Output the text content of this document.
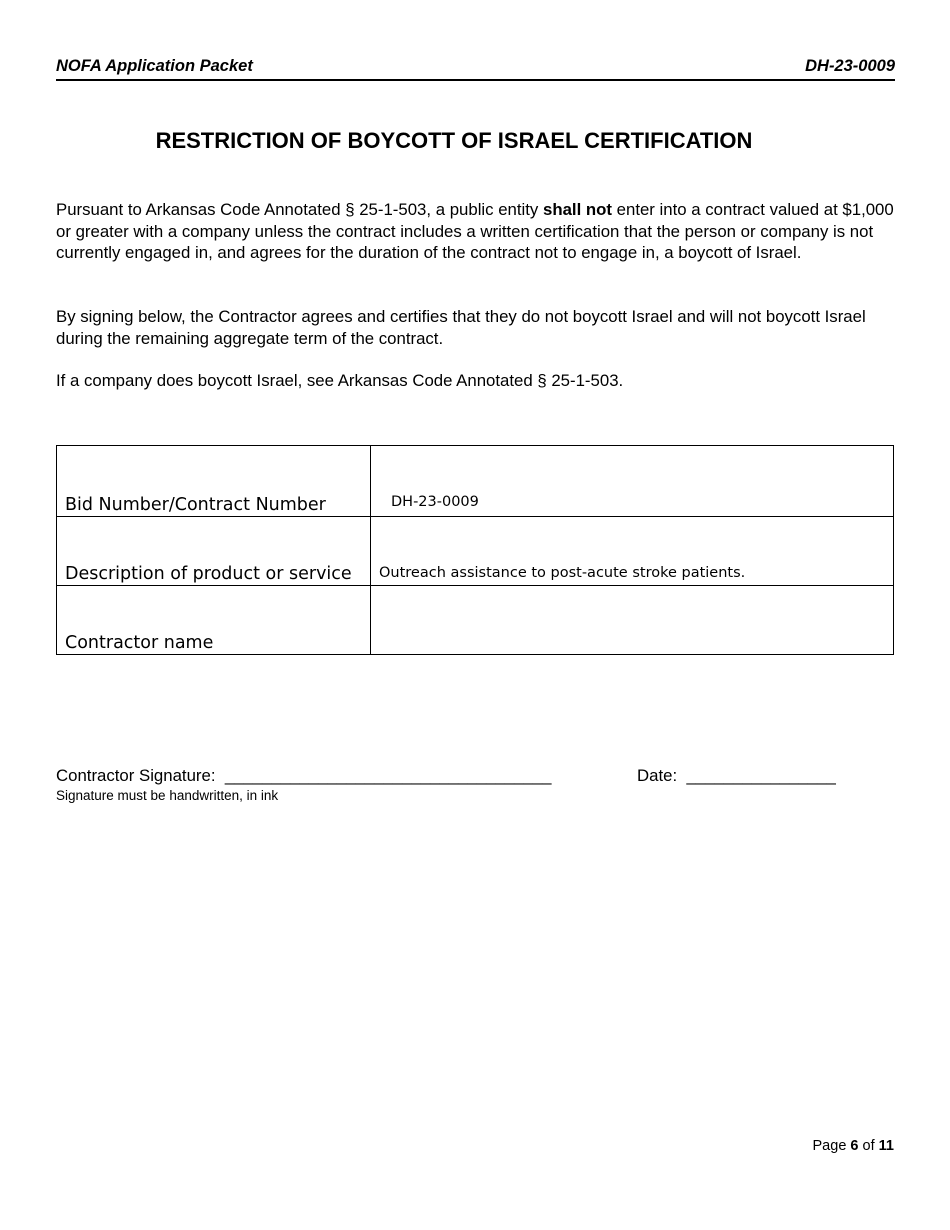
NOFA Application Packet	DH-23-0009
RESTRICTION OF BOYCOTT OF ISRAEL CERTIFICATION
Pursuant to Arkansas Code Annotated § 25-1-503, a public entity shall not enter into a contract valued at $1,000 or greater with a company unless the contract includes a written certification that the person or company is not currently engaged in, and agrees for the duration of the contract not to engage in, a boycott of Israel.
By signing below, the Contractor agrees and certifies that they do not boycott Israel and will not boycott Israel during the remaining aggregate term of the contract.
If a company does boycott Israel, see Arkansas Code Annotated § 25-1-503.
Bid Number/Contract Number	DH-23-0009
Description of product or service	Outreach assistance to post-acute stroke patients.
Contractor name	
Contractor Signature: ___________________________________	Date: ________________
Signature must be handwritten, in ink
Page 6 of 11
